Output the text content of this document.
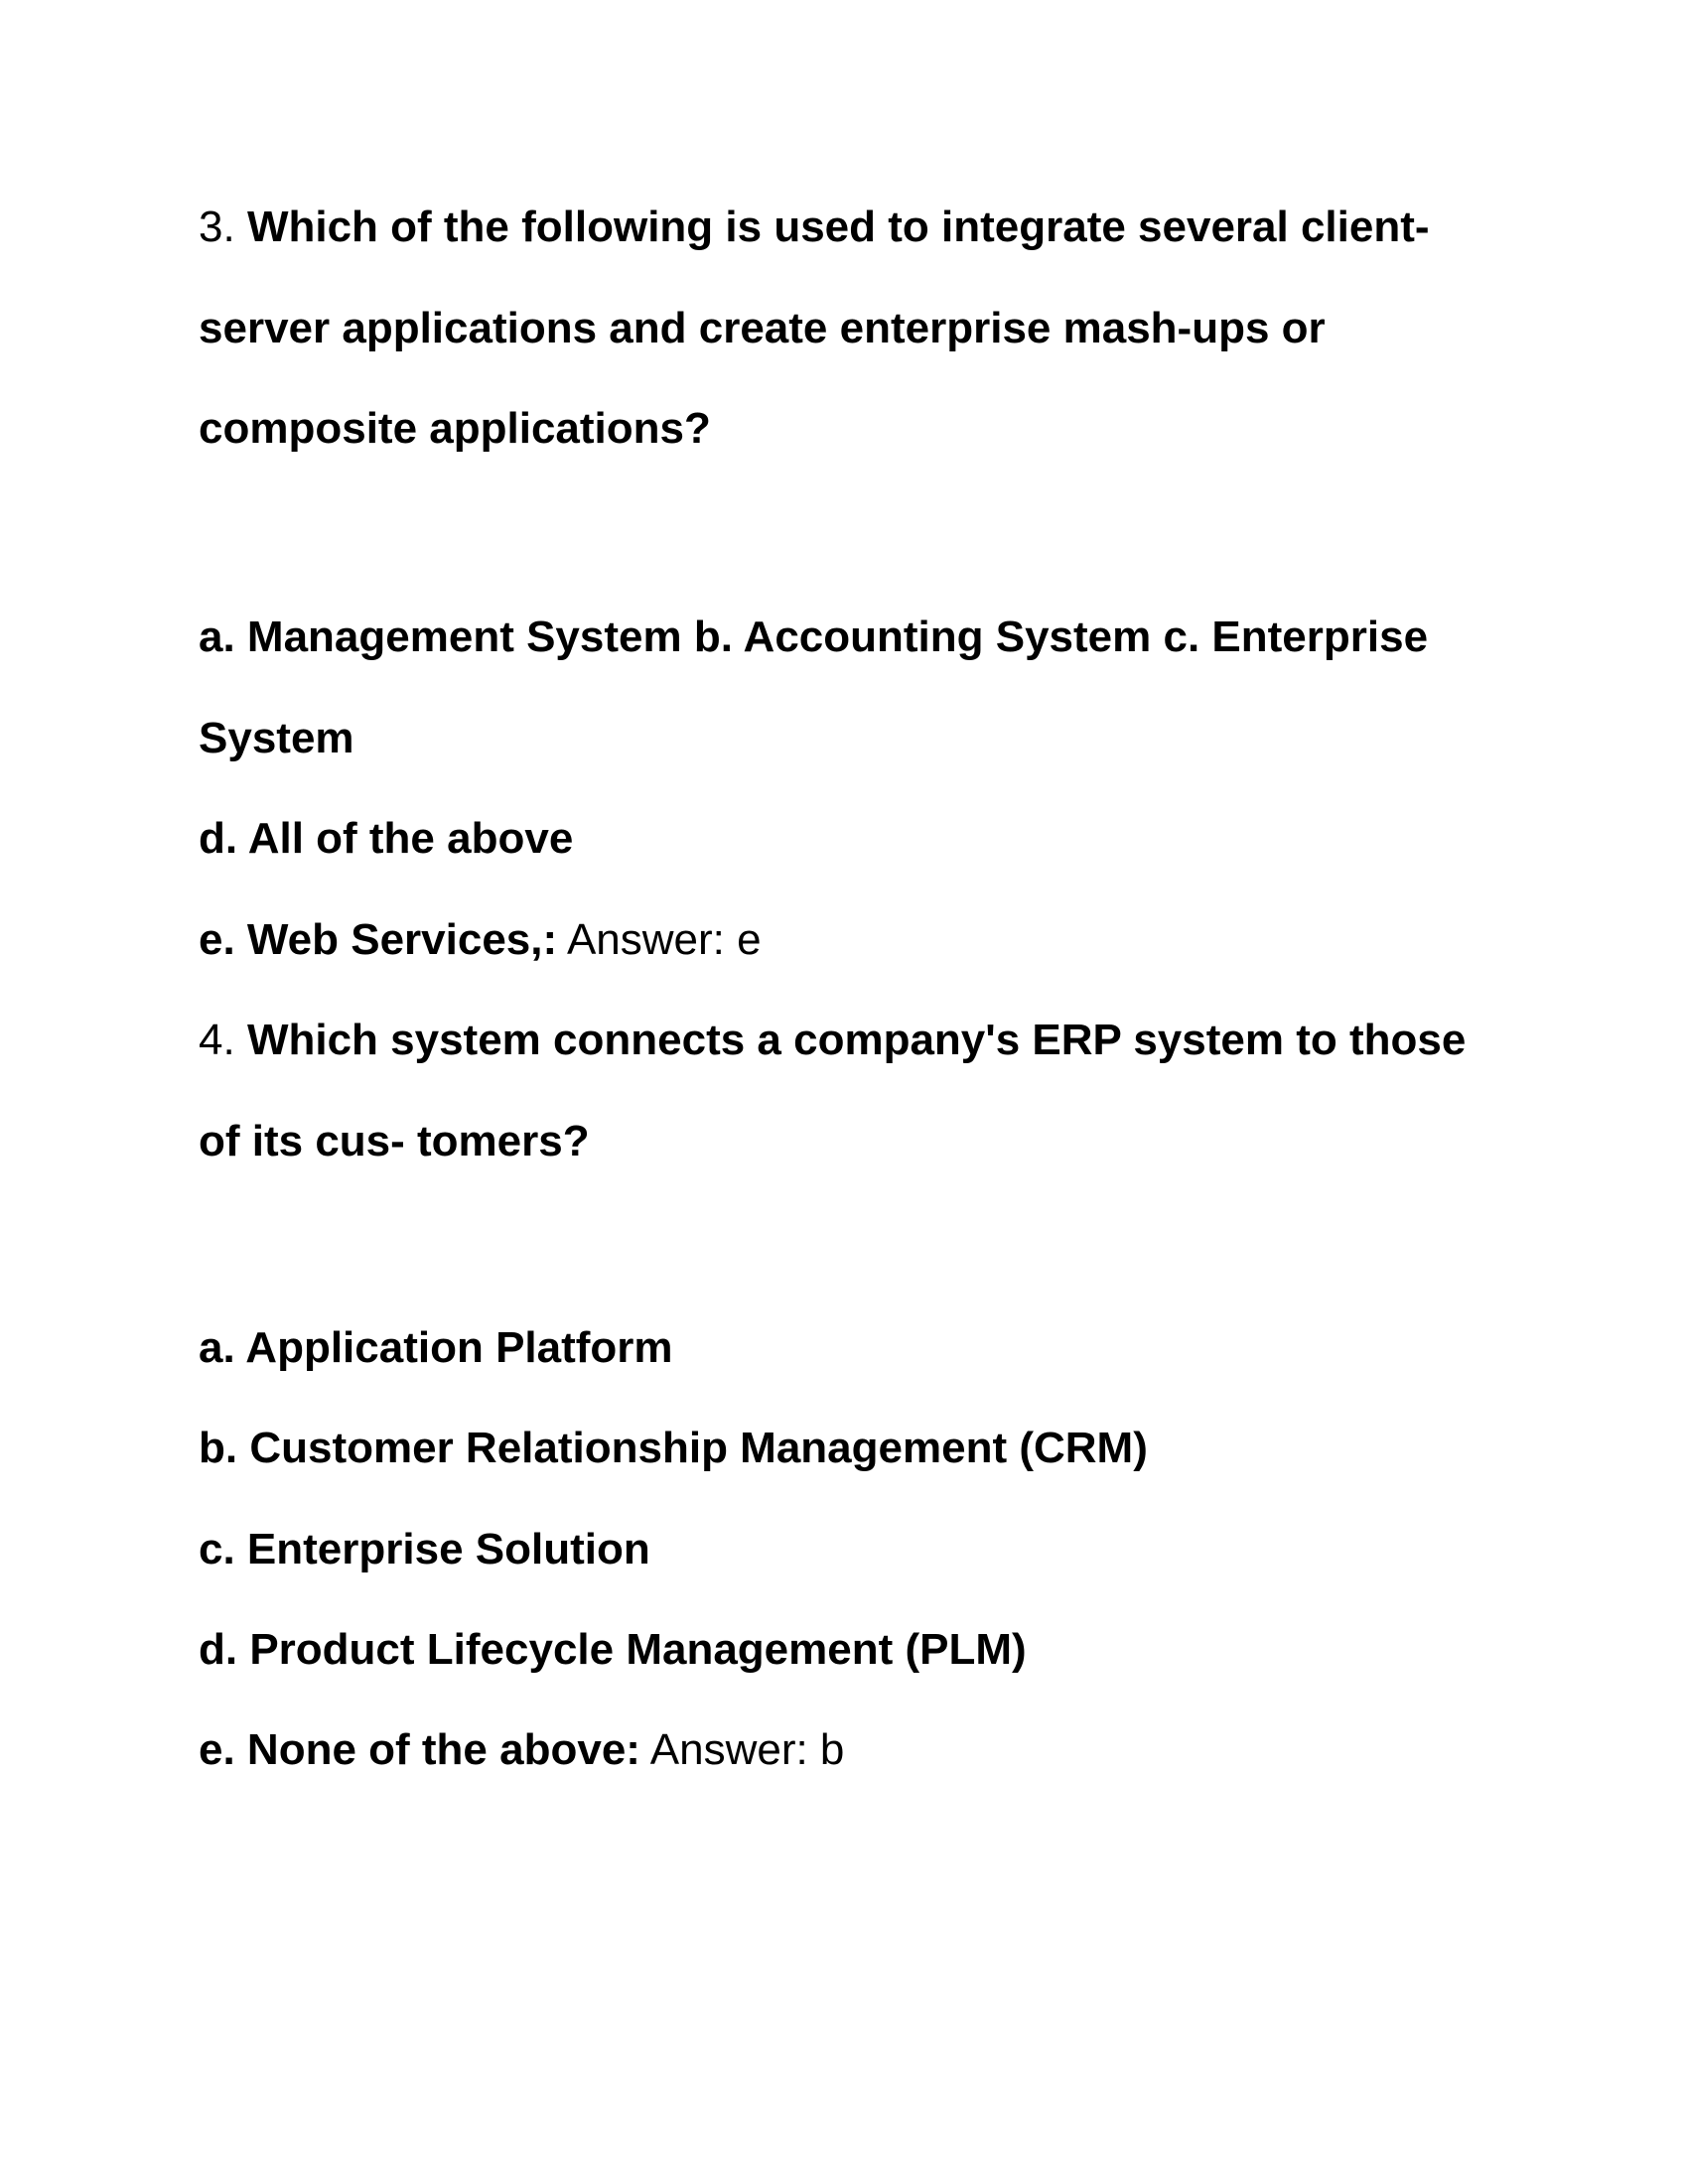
3. Which of the following is used to integrate several client-
server applications and create enterprise mash-ups or
composite applications?
a. Management System b. Accounting System c. Enterprise
System
d. All of the above
e. Web Services,: Answer: e
4. Which system connects a company's ERP system to those
of its cus- tomers?
a. Application Platform
b. Customer Relationship Management (CRM)
c. Enterprise Solution
d. Product Lifecycle Management (PLM)
e. None of the above: Answer: b
